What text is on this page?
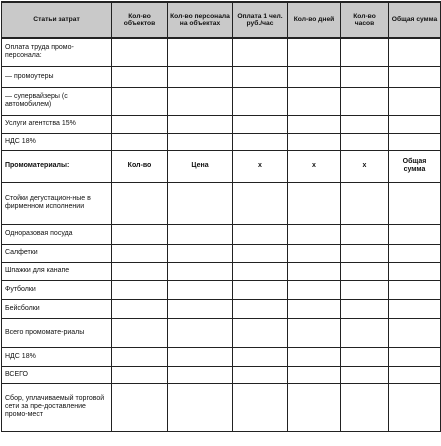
Статьи затрат	Кол-во объектов	Кол-во персонала на объектах	Оплата 1 чел. руб./час	Кол-во дней	Кол-во часов	Общая сумма
Оплата труда промо-персонала:						
— промоутеры						
— супервайзеры (с автомобилем)						
Услуги агентства 15%						
НДС 18%						
Промоматериалы:	Кол-во	Цена	x	x	x	Общая сумма
Стойки дегустацион-ные в фирменном исполнении						
Одноразовая посуда						
Салфетки						
Шпажки для канапе						
Футболки						
Бейсболки						
Всего промомате-риалы						
НДС 18%						
ВСЕГО						
Сбор, уплачиваемый торговой сети за пре-доставление промо-мест						
